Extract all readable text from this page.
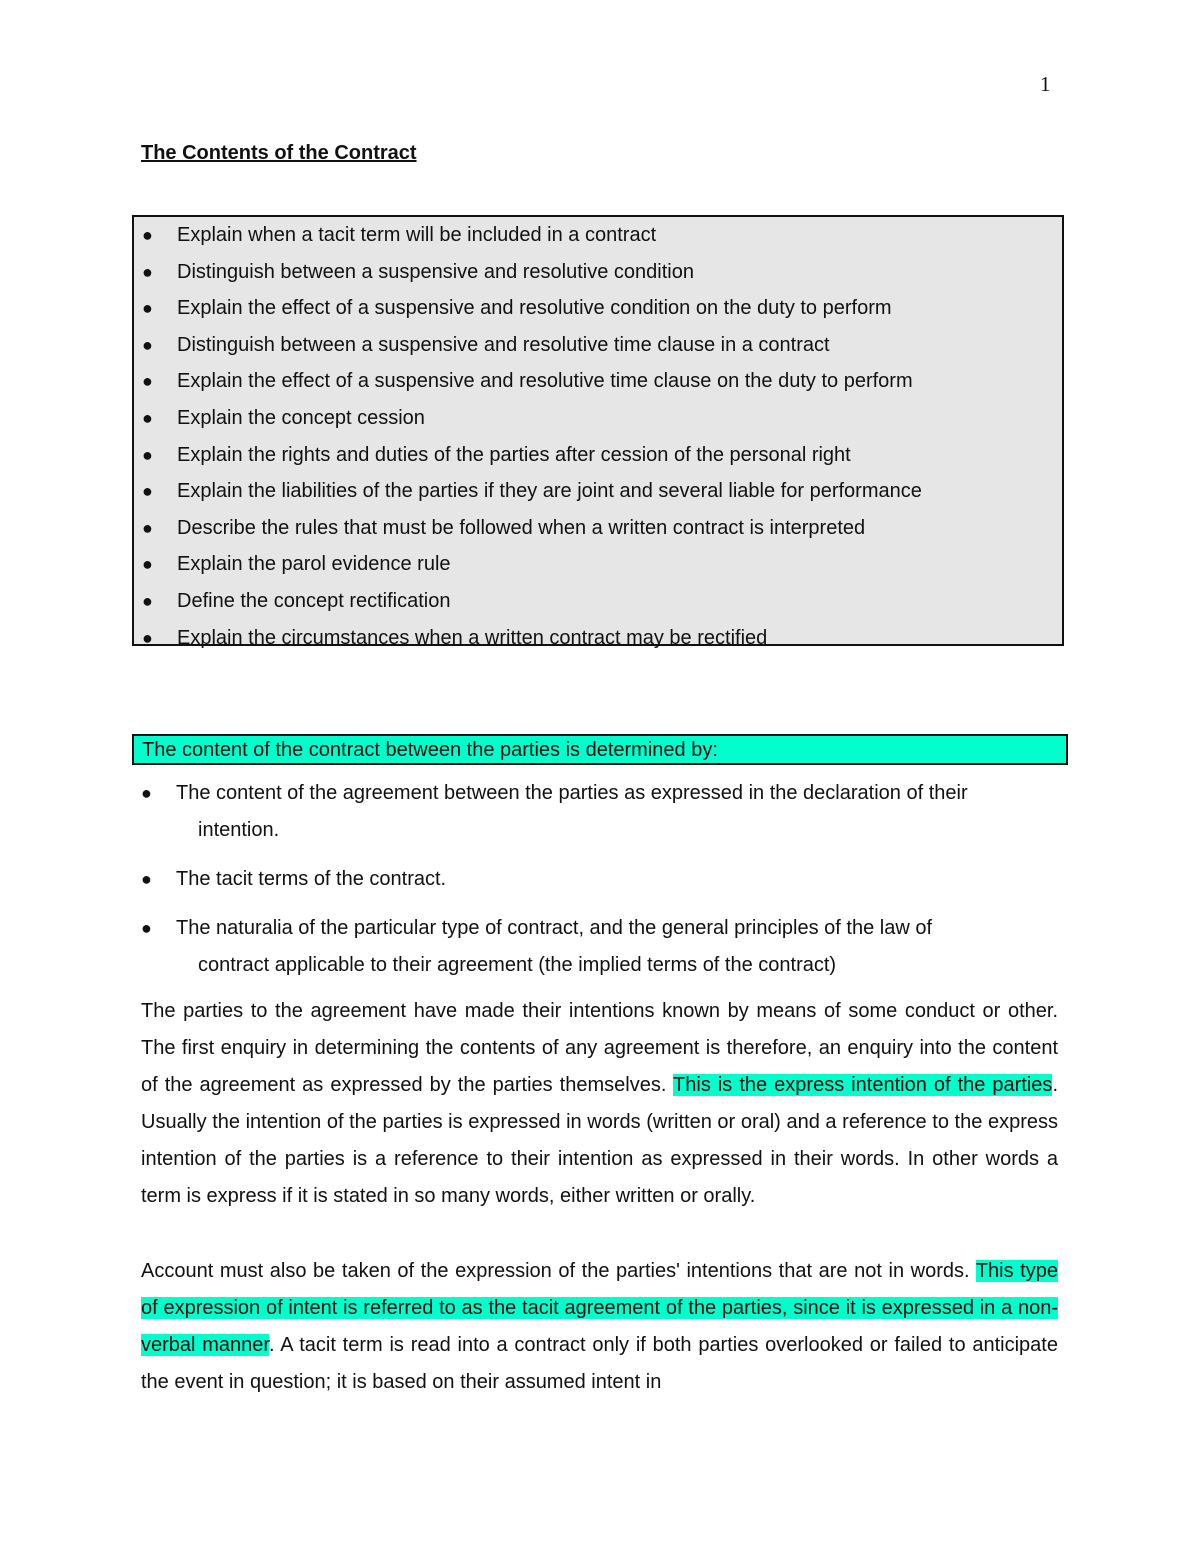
1
The Contents of the Contract
● Explain when a tacit term will be included in a contract
● Distinguish between a suspensive and resolutive condition
● Explain the effect of a suspensive and resolutive condition on the duty to perform
● Distinguish between a suspensive and resolutive time clause in a contract
● Explain the effect of a suspensive and resolutive time clause on the duty to perform
● Explain the concept cession
● Explain the rights and duties of the parties after cession of the personal right
● Explain the liabilities of the parties if they are joint and several liable for performance
● Describe the rules that must be followed when a written contract is interpreted
● Explain the parol evidence rule
● Define the concept rectification
● Explain the circumstances when a written contract may be rectified
The content of the contract between the parties is determined by:
● The content of the agreement between the parties as expressed in the declaration of their
intention.
● The tacit terms of the contract.
● The naturalia of the particular type of contract, and the general principles of the law of
contract applicable to their agreement (the implied terms of the contract)

The parties to the agreement have made their intentions known by means of some conduct or other. The first enquiry in determining the contents of any agreement is therefore, an enquiry into the content of the agreement as expressed by the parties themselves. This is the express intention of the parties. Usually the intention of the parties is expressed in words (written or oral) and a reference to the express intention of the parties is a reference to their intention as expressed in their words. In other words a term is express if it is stated in so many words, either written or orally.

Account must also be taken of the expression of the parties' intentions that are not in words. This type of expression of intent is referred to as the tacit agreement of the parties, since it is expressed in a non-verbal manner. A tacit term is read into a contract only if both parties overlooked or failed to anticipate the event in question; it is based on their assumed intent in
